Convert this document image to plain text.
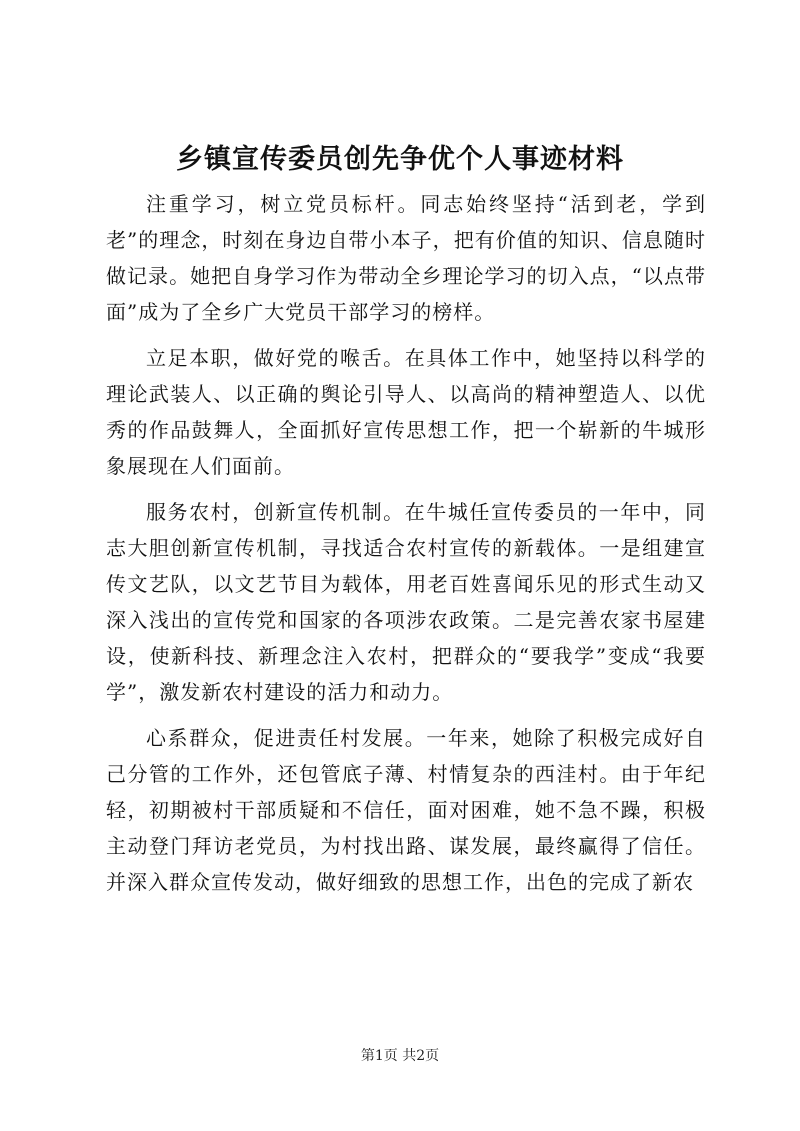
乡镇宣传委员创先争优个人事迹材料

注重学习，树立党员标杆。同志始终坚持“活到老，学到老”的理念，时刻在身边自带小本子，把有价值的知识、信息随时做记录。她把自身学习作为带动全乡理论学习的切入点，“以点带面”成为了全乡广大党员干部学习的榜样。

立足本职，做好党的喉舌。在具体工作中，她坚持以科学的理论武装人、以正确的舆论引导人、以高尚的精神塑造人、以优秀的作品鼓舞人，全面抓好宣传思想工作，把一个崭新的牛城形象展现在人们面前。

服务农村，创新宣传机制。在牛城任宣传委员的一年中，同志大胆创新宣传机制，寻找适合农村宣传的新载体。一是组建宣传文艺队，以文艺节目为载体，用老百姓喜闻乐见的形式生动又深入浅出的宣传党和国家的各项涉农政策。二是完善农家书屋建设，使新科技、新理念注入农村，把群众的“要我学”变成“我要学”，激发新农村建设的活力和动力。

心系群众，促进责任村发展。一年来，她除了积极完成好自己分管的工作外，还包管底子薄、村情复杂的西洼村。由于年纪轻，初期被村干部质疑和不信任，面对困难，她不急不躁，积极主动登门拜访老党员，为村找出路、谋发展，最终赢得了信任。并深入群众宣传发动，做好细致的思想工作，出色的完成了新农

第1页 共2页
